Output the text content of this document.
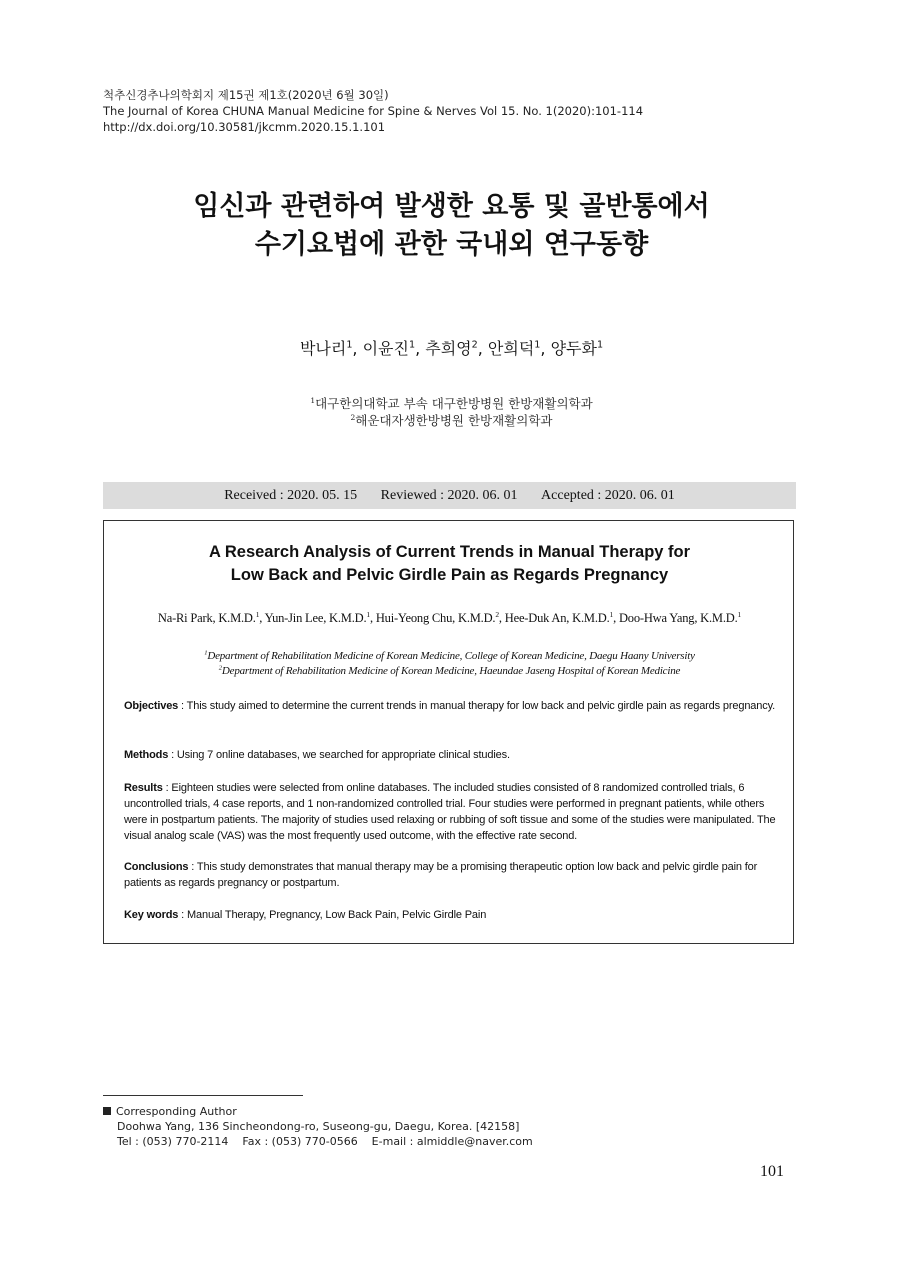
척추신경추나의학회지 제15권 제1호(2020년 6월 30일)
The Journal of Korea CHUNA Manual Medicine for Spine & Nerves Vol 15. No. 1(2020):101-114
http://dx.doi.org/10.30581/jkcmm.2020.15.1.101
임신과 관련하여 발생한 요통 및 골반통에서
수기요법에 관한 국내외 연구동향
박나리$^1$, 이윤진$^1$, 추희영$^2$, 안희덕$^1$, 양두화$^1$
$^1$대구한의대학교 부속 대구한방병원 한방재활의학과
$^2$해운대자생한방병원 한방재활의학과
Received : 2020. 05. 15 Reviewed : 2020. 06. 01 Accepted : 2020. 06. 01
A Research Analysis of Current Trends in Manual Therapy for
Low Back and Pelvic Girdle Pain as Regards Pregnancy
Na-Ri Park, K.M.D.$^1$, Yun-Jin Lee, K.M.D.$^1$, Hui-Yeong Chu, K.M.D.$^2$, Hee-Duk An, K.M.D.$^1$, Doo-Hwa Yang, K.M.D.$^1$
$^1$Department of Rehabilitation Medicine of Korean Medicine, College of Korean Medicine, Daegu Haany University
$^2$Department of Rehabilitation Medicine of Korean Medicine, Haeundae Jaseng Hospital of Korean Medicine
Objectives : This study aimed to determine the current trends in manual therapy for low back and pelvic girdle pain as regards pregnancy.
Methods : Using 7 online databases, we searched for appropriate clinical studies.
Results : Eighteen studies were selected from online databases. The included studies consisted of 8 randomized controlled trials, 6 uncontrolled trials, 4 case reports, and 1 non-randomized controlled trial. Four studies were performed in pregnant patients, while others were in postpartum patients. The majority of studies used relaxing or rubbing of soft tissue and some of the studies were manipulated. The visual analog scale (VAS) was the most frequently used outcome, with the effective rate second.
Conclusions : This study demonstrates that manual therapy may be a promising therapeutic option low back and pelvic girdle pain for patients as regards pregnancy or postpartum.
Key words : Manual Therapy, Pregnancy, Low Back Pain, Pelvic Girdle Pain
Corresponding Author
Doohwa Yang, 136 Sincheondong-ro, Suseong-gu, Daegu, Korea. [42158]
Tel : (053) 770-2114    Fax : (053) 770-0566    E-mail : almiddle@naver.com
101
